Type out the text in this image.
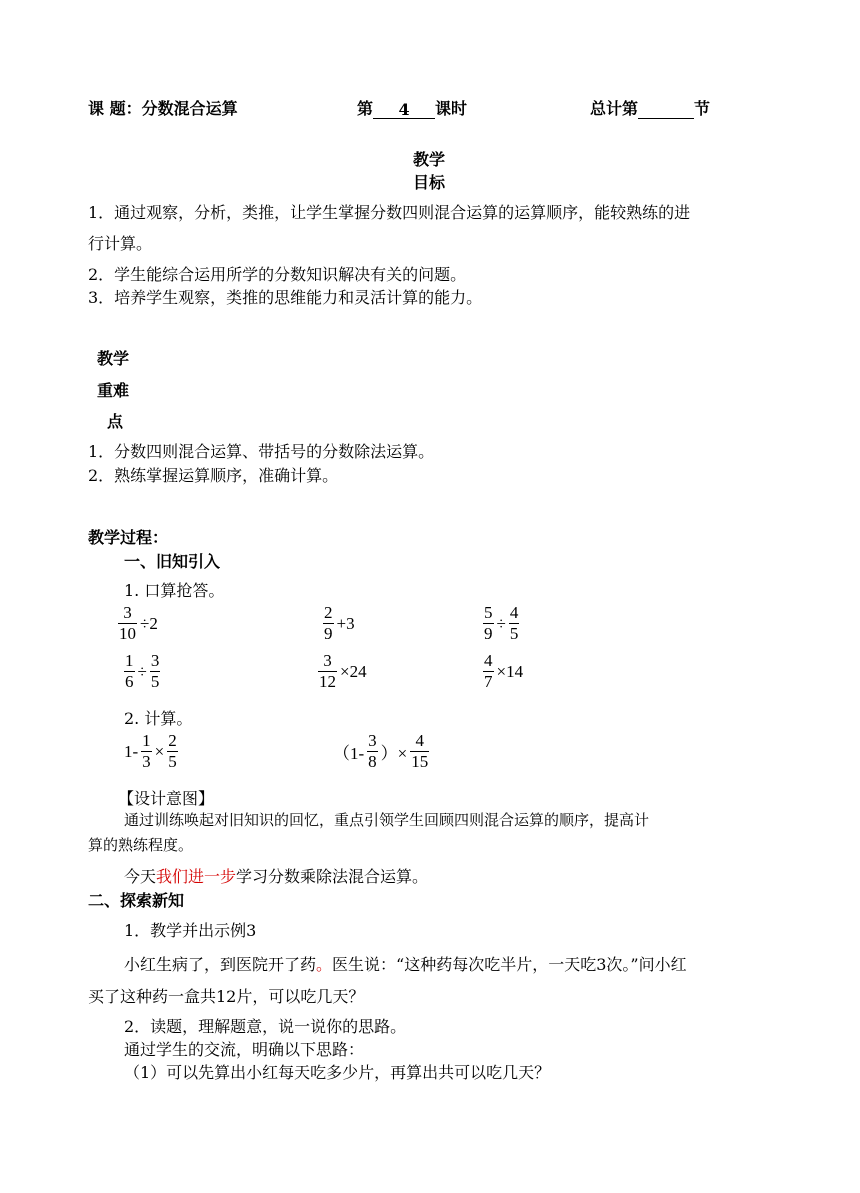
课 题：分数混合运算	第 4 课时	总计第	节
教学
目标
1．通过观察，分析，类推，让学生掌握分数四则混合运算的运算顺序，能较熟练的进
行计算。
2．学生能综合运用所学的分数知识解决有关的问题。
3．培养学生观察，类推的思维能力和灵活计算的能力。
教学
重难
点
1．分数四则混合运算、带括号的分数除法运算。
2．熟练掌握运算顺序，准确计算。
教学过程：
一、旧知引入
1. 口算抢答。
$\frac{3}{10} \div 2$	$\frac{2}{9} +3$	$\frac{5}{9} \div \frac{4}{5}$
$\frac{1}{6} \div \frac{3}{5}$	$\frac{3}{12} \times 24$	$\frac{4}{7} \times 14$
2. 计算。
$1- \frac{1}{3} \times \frac{2}{5}$	（$1- \frac{3}{8}$ ）× $\frac{4}{15}$
【设计意图】
通过训练唤起对旧知识的回忆，重点引领学生回顾四则混合运算的顺序，提高计
算的熟练程度。
今天我们进一步学习分数乘除法混合运算。
二、探索新知
1．教学并出示例3
小红生病了，到医院开了药。医生说：“这种药每次吃半片，一天吃3次。”问小红
买了这种药一盒共12片，可以吃几天？
2．读题，理解题意，说一说你的思路。
通过学生的交流，明确以下思路：
（1）可以先算出小红每天吃多少片，再算出共可以吃几天？
